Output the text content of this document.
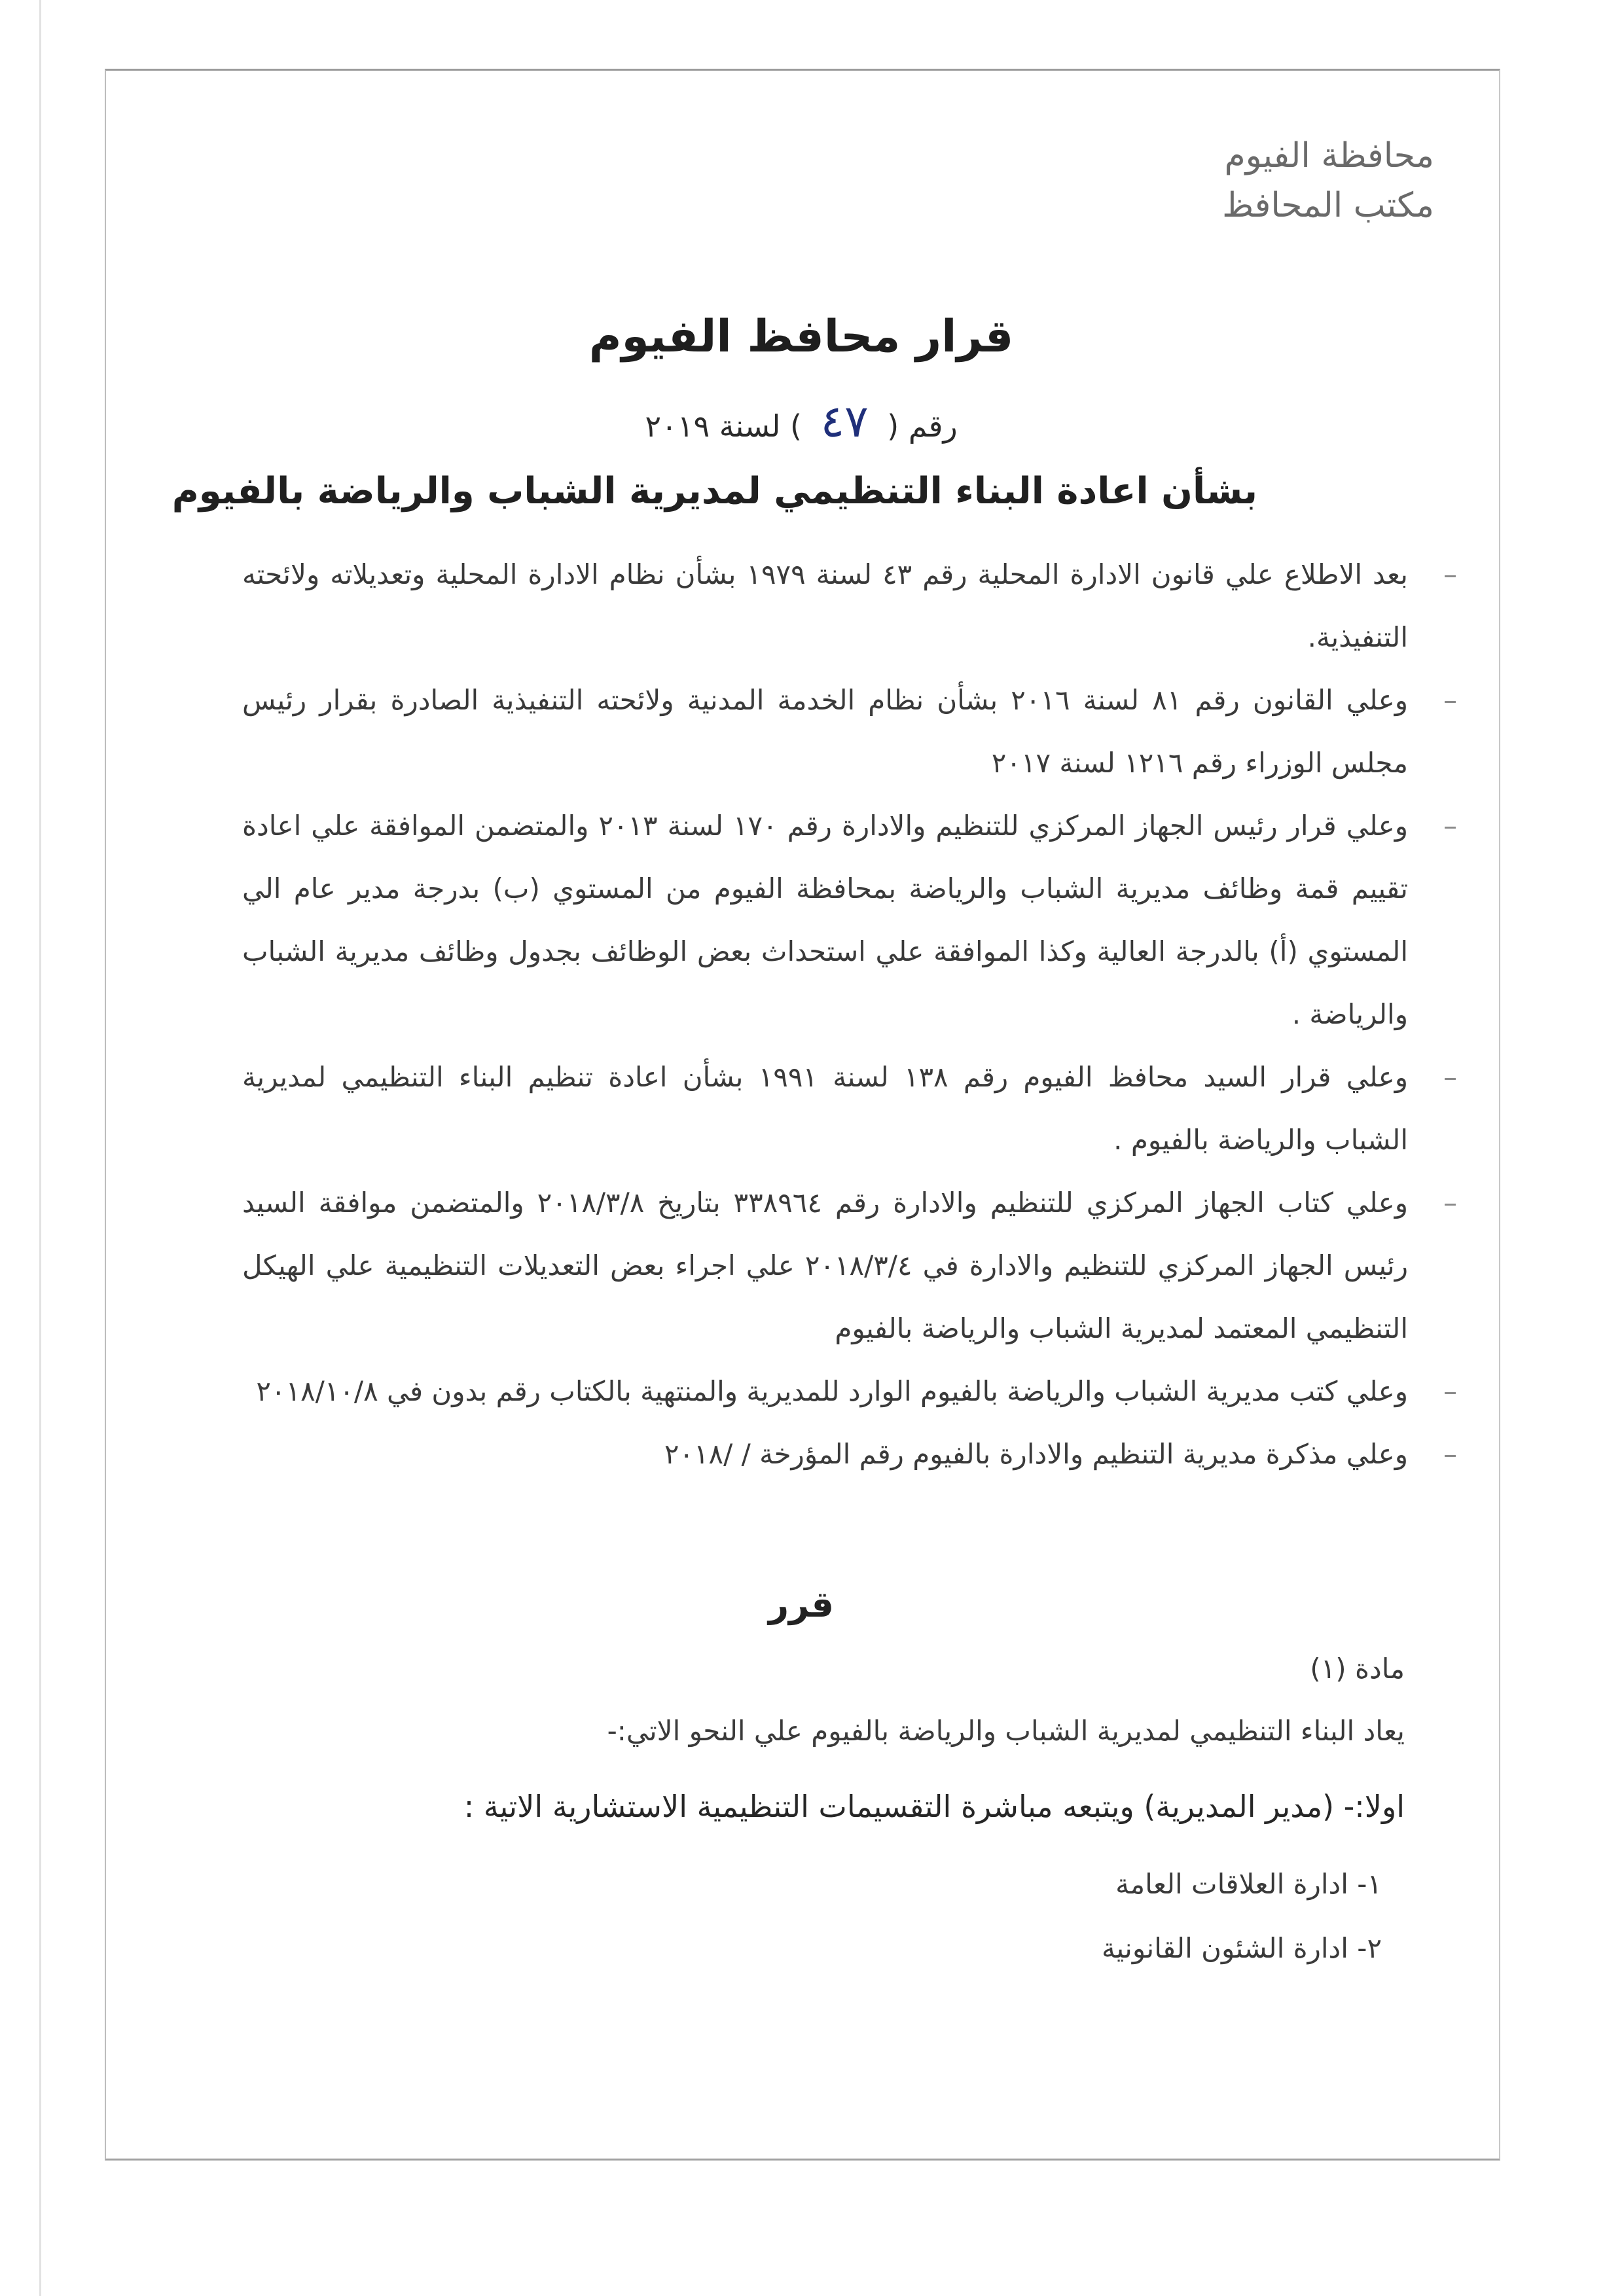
محافظة الفيوم
مكتب المحافظ
قرار محافظ الفيوم
رقم ( ٤٧ ) لسنة ٢٠١٩
بشأن اعادة البناء التنظيمي لمديرية الشباب والرياضة بالفيوم
–
بعد الاطلاع علي قانون الادارة المحلية رقم ٤٣ لسنة ١٩٧٩ بشأن نظام الادارة المحلية وتعديلاته ولائحته التنفيذية.
–
وعلي القانون رقم ٨١ لسنة ٢٠١٦ بشأن نظام الخدمة المدنية ولائحته التنفيذية الصادرة بقرار رئيس مجلس الوزراء رقم ١٢١٦ لسنة ٢٠١٧
–
وعلي قرار رئيس الجهاز المركزي للتنظيم والادارة رقم ١٧٠ لسنة ٢٠١٣ والمتضمن الموافقة علي اعادة تقييم قمة وظائف مديرية الشباب والرياضة بمحافظة الفيوم من المستوي (ب) بدرجة مدير عام الي المستوي (أ) بالدرجة العالية وكذا الموافقة علي استحداث بعض الوظائف بجدول وظائف مديرية الشباب والرياضة .
–
وعلي قرار السيد محافظ الفيوم رقم ١٣٨ لسنة ١٩٩١ بشأن اعادة تنظيم البناء التنظيمي لمديرية الشباب والرياضة بالفيوم .
–
وعلي كتاب الجهاز المركزي للتنظيم والادارة رقم ٣٣٨٩٦٤ بتاريخ ٢٠١٨/٣/٨ والمتضمن موافقة السيد رئيس الجهاز المركزي للتنظيم والادارة في ٢٠١٨/٣/٤ علي اجراء بعض التعديلات التنظيمية علي الهيكل التنظيمي المعتمد لمديرية الشباب والرياضة بالفيوم
–
وعلي كتب مديرية الشباب والرياضة بالفيوم الوارد للمديرية والمنتهية بالكتاب رقم بدون في ٢٠١٨/١٠/٨
–
وعلي مذكرة مديرية التنظيم والادارة بالفيوم رقم المؤرخة / /٢٠١٨
قرر
مادة (١)
يعاد البناء التنظيمي لمديرية الشباب والرياضة بالفيوم علي النحو الاتي:-
اولا:- (مدير المديرية) ويتبعه مباشرة التقسيمات التنظيمية الاستشارية الاتية :
١- ادارة العلاقات العامة
٢- ادارة الشئون القانونية
